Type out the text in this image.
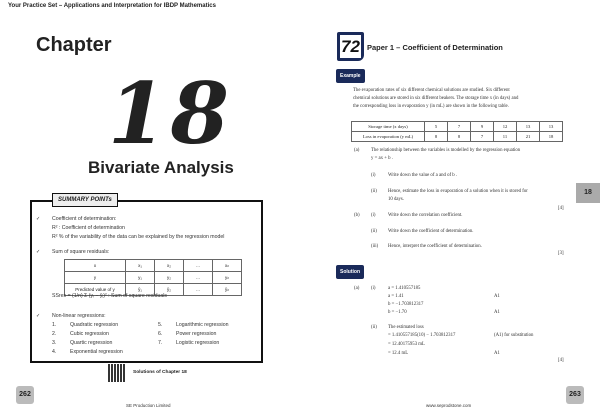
Your Practice Set – Applications and Interpretation for IBDP Mathematics
Chapter
18
Bivariate Analysis
SUMMARY POINTs
✓ Coefficient of determination:
R² : Coefficient of determination
R² % of the variability of the data can be explained by the regression model
✓ Sum of square residuals:
x	x₁	x₂	...	xₙ
y	y₁	y₂	...	yₙ
Predicted value of y	ŷ₁	ŷ₂	...	ŷₙ
SSres = (1/n) Σ (yᵢ − ŷᵢ)² : Sum of square residuals
✓ Non-linear regressions:
1.	Quadratic regression
2.	Cubic regression
3.	Quartic regression
4.	Exponential regression
5.	Logarithmic regression
6.	Power regression
7.	Logistic regression
Solutions of Chapter 18
262
SE Production Limited
72 Paper 1 – Coefficient of Determination
Example
The evaporation rates of six different chemical solutions are studied. Six different
chemical solutions are stored in six different beakers. The storage time x (in days) and
the corresponding loss in evaporation y (in mL) are shown in the following table.
Storage time (x days)	5	7	9	12	13	13
Loss in evaporation (y mL)	8	8	7	11	21	18
(a) The relationship between the variables is modelled by the regression equation
y = ax + b .
(i)	Write down the value of a and of b .
(ii) Hence, estimate the loss in evaporation of a solution when it is stored for
10 days.
[4]
(b) (i)	Write down the correlation coefficient.
(ii) Write down the coefficient of determination.
(iii) Hence, interpret the coefficient of determination.
[3]
18
Solution
(a) (i)	a = 1.410557185
a = 1.41	A1
b = −1.703812317
b = −1.70	A1
(ii) The estimated loss
= 1.410557185(10) − 1.703812317	(A1) for substitution
= 12.40175953 mL
= 12.4 mL	A1
[4]
263
www.seprodstone.com
